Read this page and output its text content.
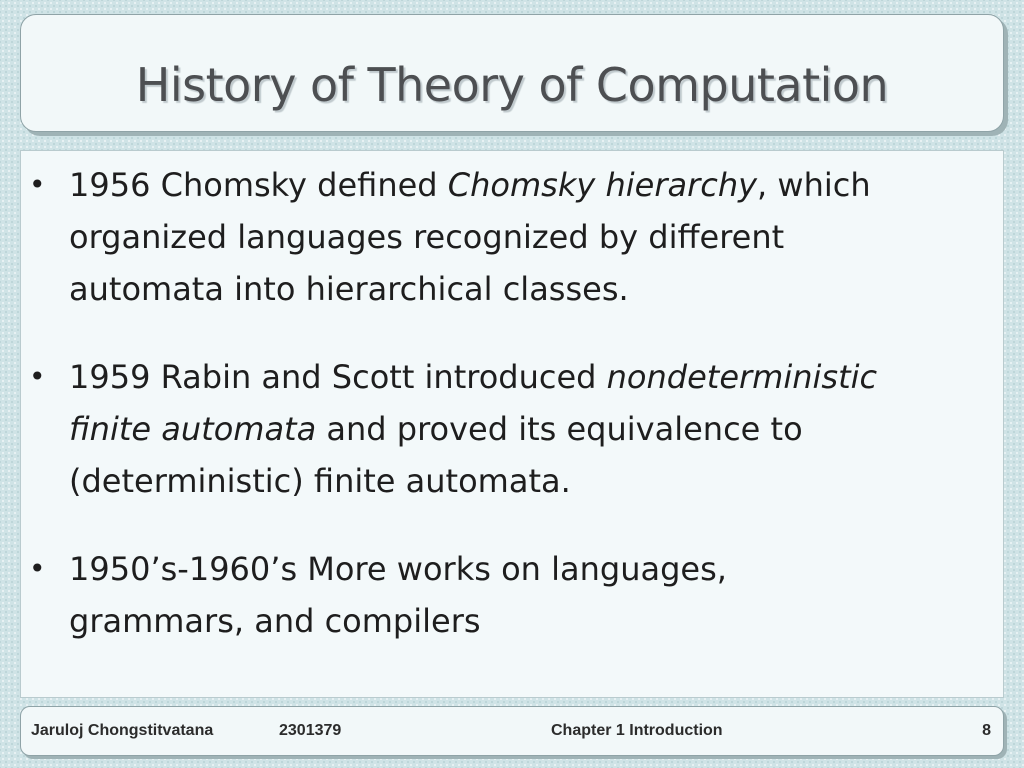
History of Theory of Computation
• 1956 Chomsky defined Chomsky hierarchy, which
organized languages recognized by different
automata into hierarchical classes.
• 1959 Rabin and Scott introduced nondeterministic
finite automata and proved its equivalence to
(deterministic) finite automata.
• 1950’s-1960’s More works on languages,
grammars, and compilers
Jaruloj Chongstitvatana	2301379	Chapter 1 Introduction	8
